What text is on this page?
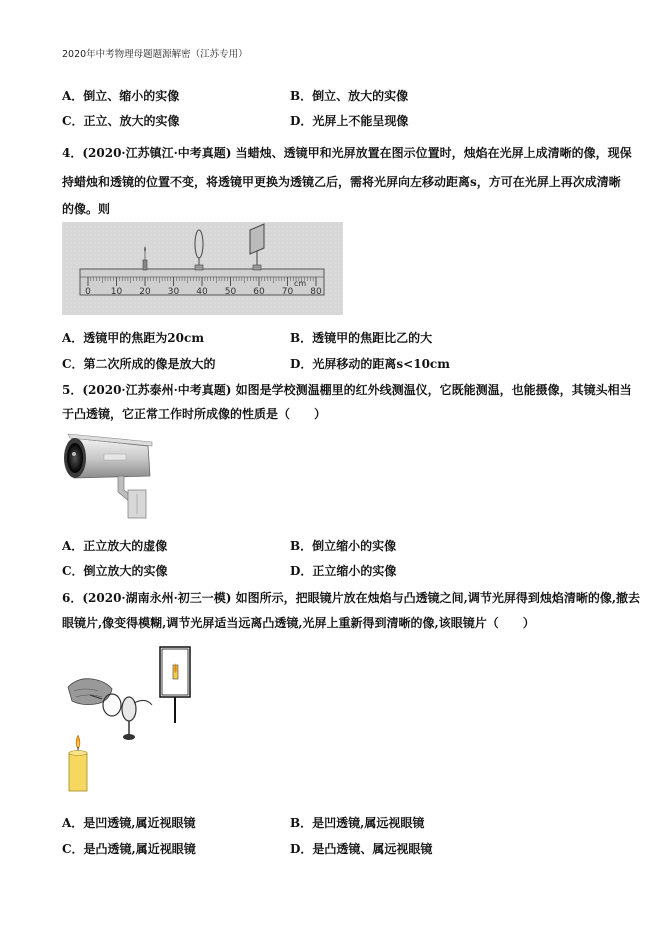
2020年中考物理母题题源解密（江苏专用）
A．倒立、缩小的实像	B．倒立、放大的实像
C．正立、放大的实像	D．光屏上不能呈现像
4．(2020·江苏镇江·中考真题) 当蜡烛、透镜甲和光屏放置在图示位置时，烛焰在光屏上成清晰的像，现保
持蜡烛和透镜的位置不变，将透镜甲更换为透镜乙后，需将光屏向左移动距离s，方可在光屏上再次成清晰
的像。则
0 10 20 30 40 50 60 70 80
cm
A．透镜甲的焦距为20cm	B．透镜甲的焦距比乙的大
C．第二次所成的像是放大的	D．光屏移动的距离s<10cm
5．(2020·江苏泰州·中考真题) 如图是学校测温棚里的红外线测温仪，它既能测温，也能摄像，其镜头相当
于凸透镜，它正常工作时所成像的性质是（　　）
A．正立放大的虚像	B．倒立缩小的实像
C．倒立放大的实像	D．正立缩小的实像
6．(2020·湖南永州·初三一模) 如图所示，把眼镜片放在烛焰与凸透镜之间,调节光屏得到烛焰清晰的像,撤去
眼镜片,像变得模糊,调节光屏适当远离凸透镜,光屏上重新得到清晰的像,该眼镜片（　　）
A．是凹透镜,属近视眼镜	B．是凹透镜,属远视眼镜
C．是凸透镜,属近视眼镜	D．是凸透镜、属远视眼镜
